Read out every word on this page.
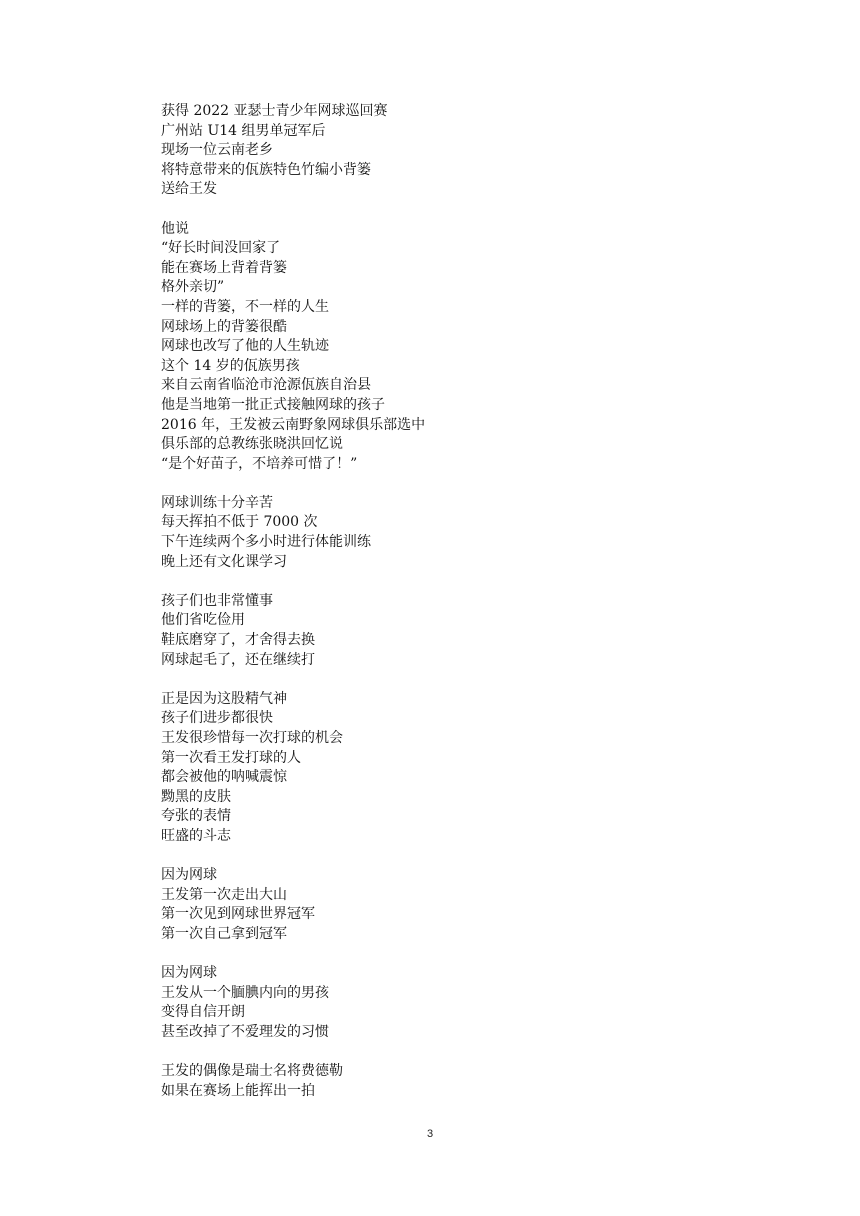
获得 2022 亚瑟士青少年网球巡回赛
广州站 U14 组男单冠军后
现场一位云南老乡
将特意带来的佤族特色竹编小背篓
送给王发
他说
“好长时间没回家了
能在赛场上背着背篓
格外亲切”
一样的背篓，不一样的人生
网球场上的背篓很酷
网球也改写了他的人生轨迹
这个 14 岁的佤族男孩
来自云南省临沧市沧源佤族自治县
他是当地第一批正式接触网球的孩子
2016 年，王发被云南野象网球俱乐部选中
俱乐部的总教练张晓洪回忆说
“是个好苗子，不培养可惜了！”
网球训练十分辛苦
每天挥拍不低于 7000 次
下午连续两个多小时进行体能训练
晚上还有文化课学习
孩子们也非常懂事
他们省吃俭用
鞋底磨穿了，才舍得去换
网球起毛了，还在继续打
正是因为这股精气神
孩子们进步都很快
王发很珍惜每一次打球的机会
第一次看王发打球的人
都会被他的呐喊震惊
黝黑的皮肤
夸张的表情
旺盛的斗志
因为网球
王发第一次走出大山
第一次见到网球世界冠军
第一次自己拿到冠军
因为网球
王发从一个腼腆内向的男孩
变得自信开朗
甚至改掉了不爱理发的习惯
王发的偶像是瑞士名将费德勒
如果在赛场上能挥出一拍
3
